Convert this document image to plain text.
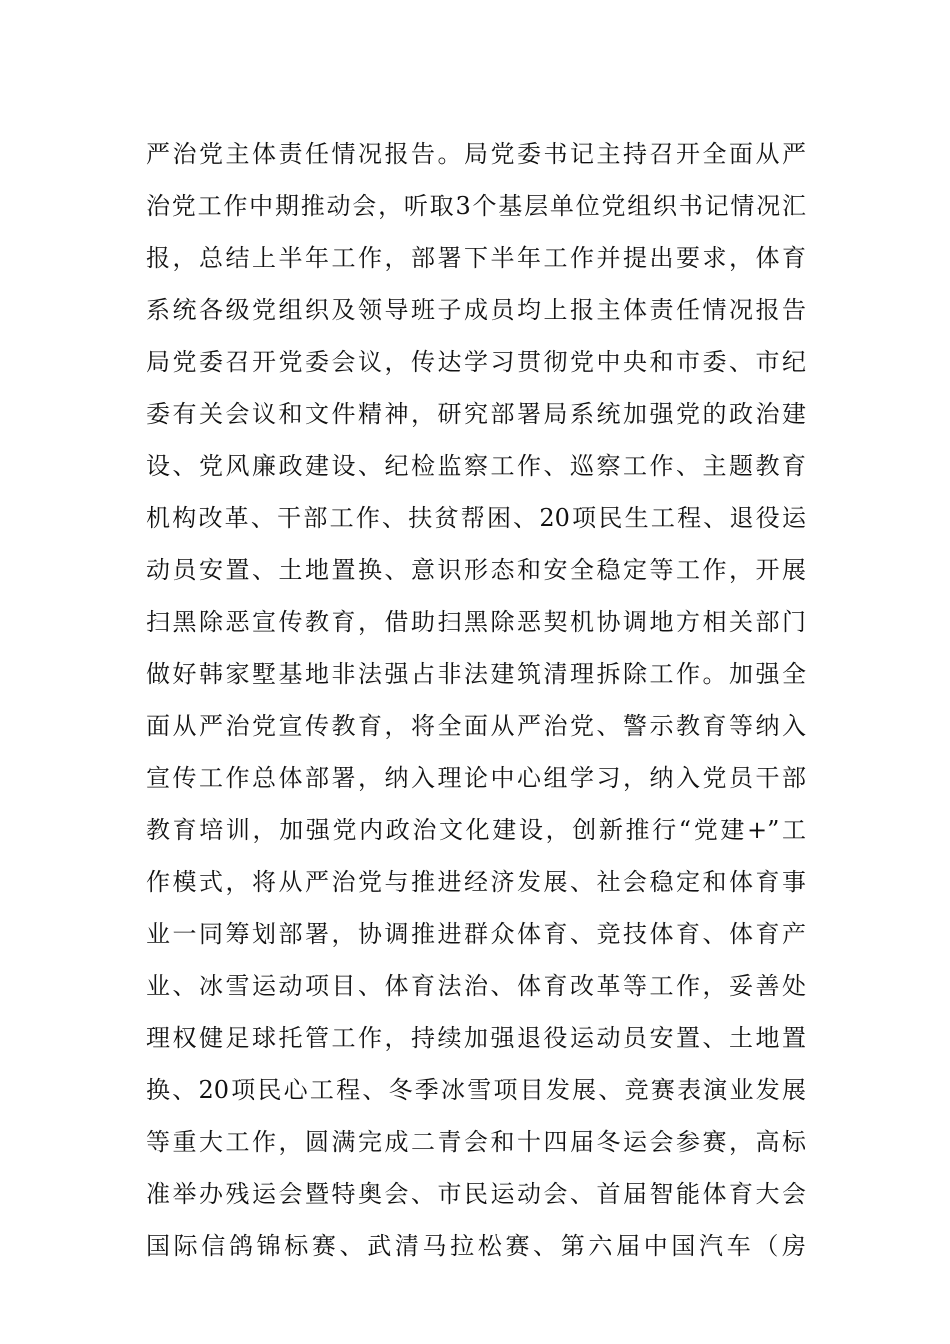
严治党主体责任情况报告。局党委书记主持召开全面从严
治党工作中期推动会，听取3个基层单位党组织书记情况汇
报，总结上半年工作，部署下半年工作并提出要求，体育
系统各级党组织及领导班子成员均上报主体责任情况报告
局党委召开党委会议，传达学习贯彻党中央和市委、市纪
委有关会议和文件精神，研究部署局系统加强党的政治建
设、党风廉政建设、纪检监察工作、巡察工作、主题教育
机构改革、干部工作、扶贫帮困、20项民生工程、退役运
动员安置、土地置换、意识形态和安全稳定等工作，开展
扫黑除恶宣传教育，借助扫黑除恶契机协调地方相关部门
做好韩家墅基地非法强占非法建筑清理拆除工作。加强全
面从严治党宣传教育，将全面从严治党、警示教育等纳入
宣传工作总体部署，纳入理论中心组学习，纳入党员干部
教育培训，加强党内政治文化建设，创新推行“党建+”工
作模式，将从严治党与推进经济发展、社会稳定和体育事
业一同筹划部署，协调推进群众体育、竞技体育、体育产
业、冰雪运动项目、体育法治、体育改革等工作，妥善处
理权健足球托管工作，持续加强退役运动员安置、土地置
换、20项民心工程、冬季冰雪项目发展、竞赛表演业发展
等重大工作，圆满完成二青会和十四届冬运会参赛，高标
准举办残运会暨特奥会、市民运动会、首届智能体育大会
国际信鸽锦标赛、武清马拉松赛、第六届中国汽车（房
